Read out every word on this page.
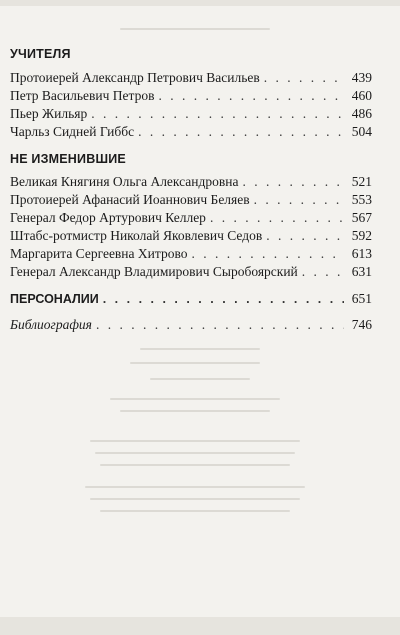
УЧИТЕЛЯ
Протоиерей Александр Петрович Васильев . . .	439
Петр Васильевич Петров . . .	460
Пьер Жильяр . . .	486
Чарльз Сидней Гиббс . . .	504
НЕ ИЗМЕНИВШИЕ
Великая Княгиня Ольга Александровна . . .	521
Протоиерей Афанасий Иоаннович Беляев . . .	553
Генерал Федор Артурович Келлер . . .	567
Штабс-ротмистр Николай Яковлевич Седов . . .	592
Маргарита Сергеевна Хитрово . . .	613
Генерал Александр Владимирович Сыробоярский . . .	631
ПЕРСОНАЛИИ . . .	651
Библиография . . .	746
